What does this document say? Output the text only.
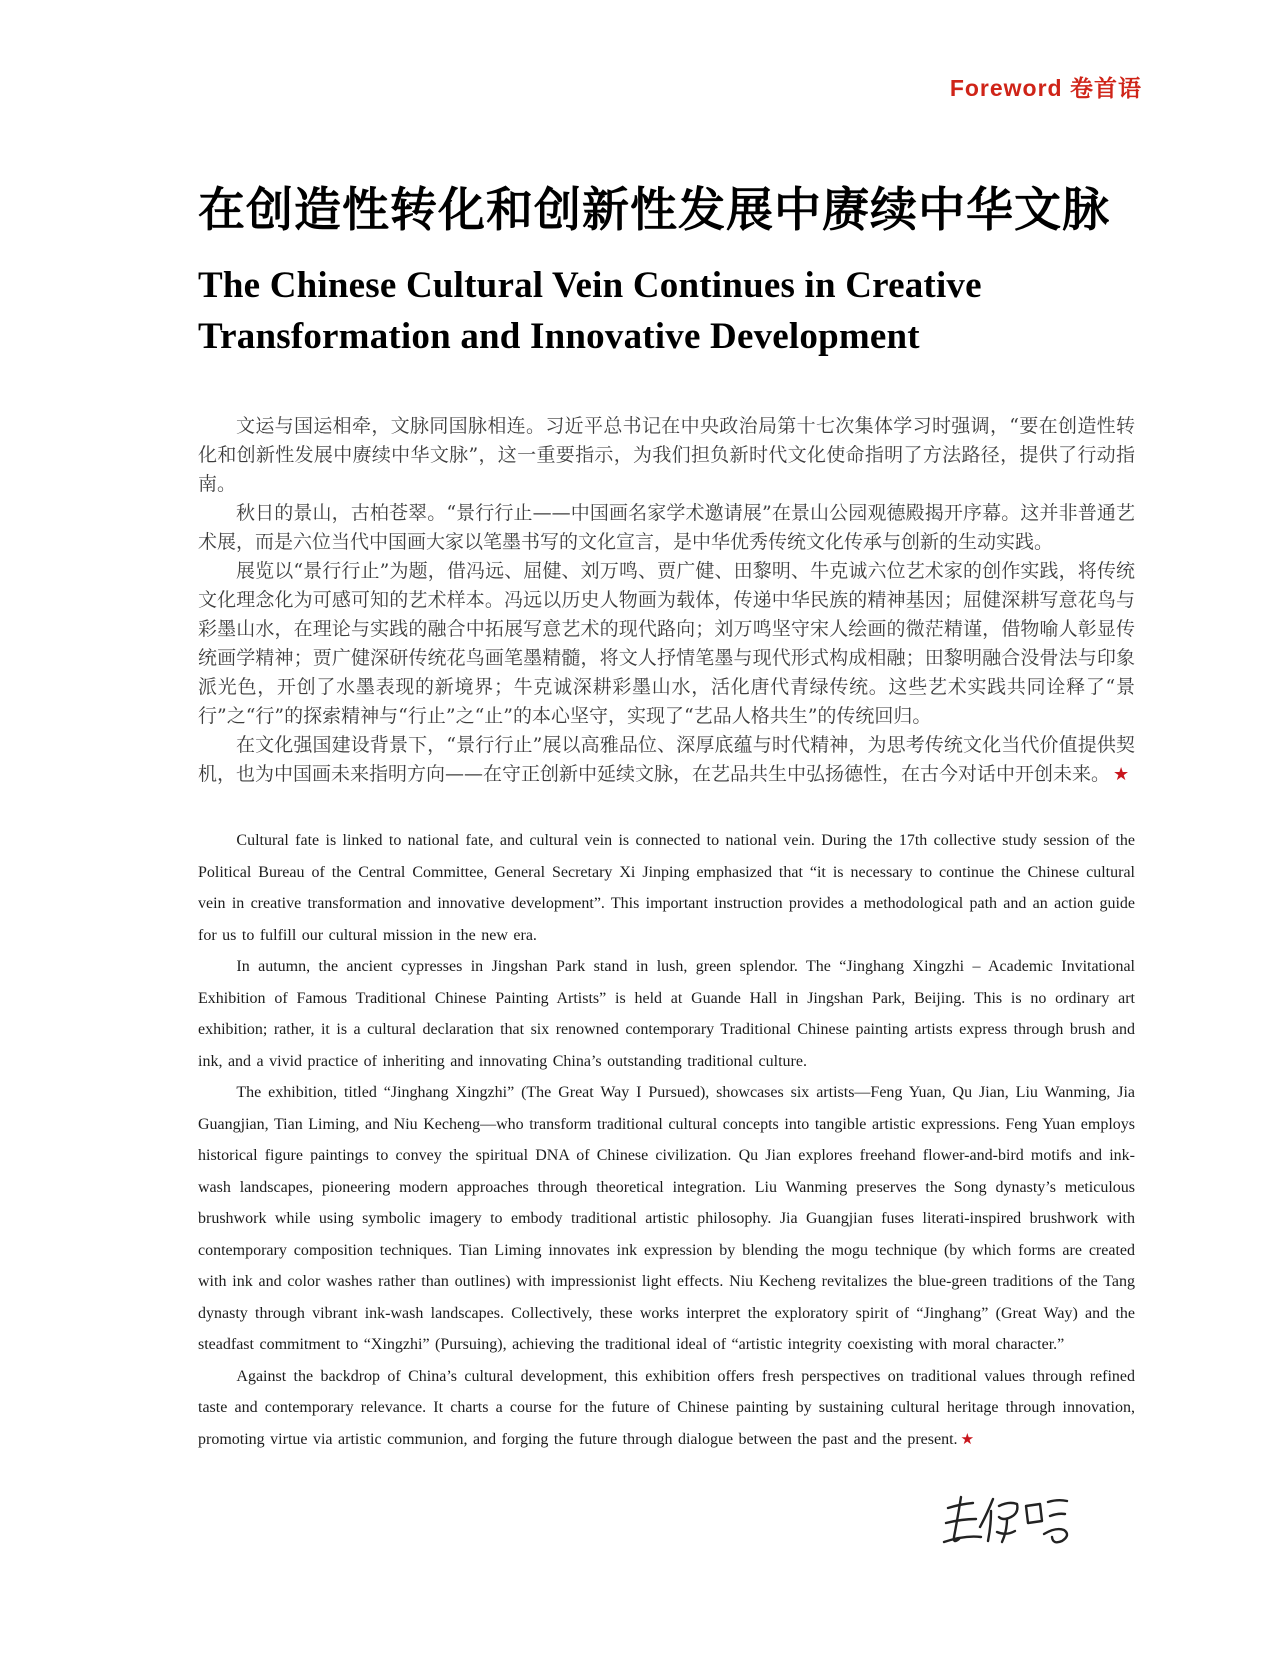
Foreword 卷首语
在创造性转化和创新性发展中赓续中华文脉
The Chinese Cultural Vein Continues in Creative
Transformation and Innovative Development

文运与国运相牵，文脉同国脉相连。习近平总书记在中央政治局第十七次集体学习时强调，“要在创造性转化和创新性发展中赓续中华文脉”，这一重要指示，为我们担负新时代文化使命指明了方法路径，提供了行动指南。

秋日的景山，古柏苍翠。“景行行止——中国画名家学术邀请展”在景山公园观德殿揭开序幕。这并非普通艺术展，而是六位当代中国画大家以笔墨书写的文化宣言，是中华优秀传统文化传承与创新的生动实践。

展览以“景行行止”为题，借冯远、屈健、刘万鸣、贾广健、田黎明、牛克诚六位艺术家的创作实践，将传统文化理念化为可感可知的艺术样本。冯远以历史人物画为载体，传递中华民族的精神基因；屈健深耕写意花鸟与彩墨山水，在理论与实践的融合中拓展写意艺术的现代路向；刘万鸣坚守宋人绘画的微茫精谨，借物喻人彰显传统画学精神；贾广健深研传统花鸟画笔墨精髓，将文人抒情笔墨与现代形式构成相融；田黎明融合没骨法与印象派光色，开创了水墨表现的新境界；牛克诚深耕彩墨山水，活化唐代青绿传统。这些艺术实践共同诠释了“景行”之“行”的探索精神与“行止”之“止”的本心坚守，实现了“艺品人格共生”的传统回归。

在文化强国建设背景下，“景行行止”展以高雅品位、深厚底蕴与时代精神，为思考传统文化当代价值提供契机，也为中国画未来指明方向——在守正创新中延续文脉，在艺品共生中弘扬德性，在古今对话中开创未来。 ★

Cultural fate is linked to national fate, and cultural vein is connected to national vein. During the 17th collective study session of the Political Bureau of the Central Committee, General Secretary Xi Jinping emphasized that “it is necessary to continue the Chinese cultural vein in creative transformation and innovative development”. This important instruction provides a methodological path and an action guide for us to fulfill our cultural mission in the new era.

In autumn, the ancient cypresses in Jingshan Park stand in lush, green splendor. The “Jinghang Xingzhi – Academic Invitational Exhibition of Famous Traditional Chinese Painting Artists” is held at Guande Hall in Jingshan Park, Beijing. This is no ordinary art exhibition; rather, it is a cultural declaration that six renowned contemporary Traditional Chinese painting artists express through brush and ink, and a vivid practice of inheriting and innovating China’s outstanding traditional culture.

The exhibition, titled “Jinghang Xingzhi” (The Great Way I Pursued), showcases six artists—Feng Yuan, Qu Jian, Liu Wanming, Jia Guangjian, Tian Liming, and Niu Kecheng—who transform traditional cultural concepts into tangible artistic expressions. Feng Yuan employs historical figure paintings to convey the spiritual DNA of Chinese civilization. Qu Jian explores freehand flower-and-bird motifs and ink-wash landscapes, pioneering modern approaches through theoretical integration. Liu Wanming preserves the Song dynasty’s meticulous brushwork while using symbolic imagery to embody traditional artistic philosophy. Jia Guangjian fuses literati-inspired brushwork with contemporary composition techniques. Tian Liming innovates ink expression by blending the mogu technique (by which forms are created with ink and color washes rather than outlines) with impressionist light effects. Niu Kecheng revitalizes the blue-green traditions of the Tang dynasty through vibrant ink-wash landscapes. Collectively, these works interpret the exploratory spirit of “Jinghang” (Great Way) and the steadfast commitment to “Xingzhi” (Pursuing), achieving the traditional ideal of “artistic integrity coexisting with moral character.”

Against the backdrop of China’s cultural development, this exhibition offers fresh perspectives on traditional values through refined taste and contemporary relevance. It charts a course for the future of Chinese painting by sustaining cultural heritage through innovation, promoting virtue via artistic communion, and forging the future through dialogue between the past and the present. ★
